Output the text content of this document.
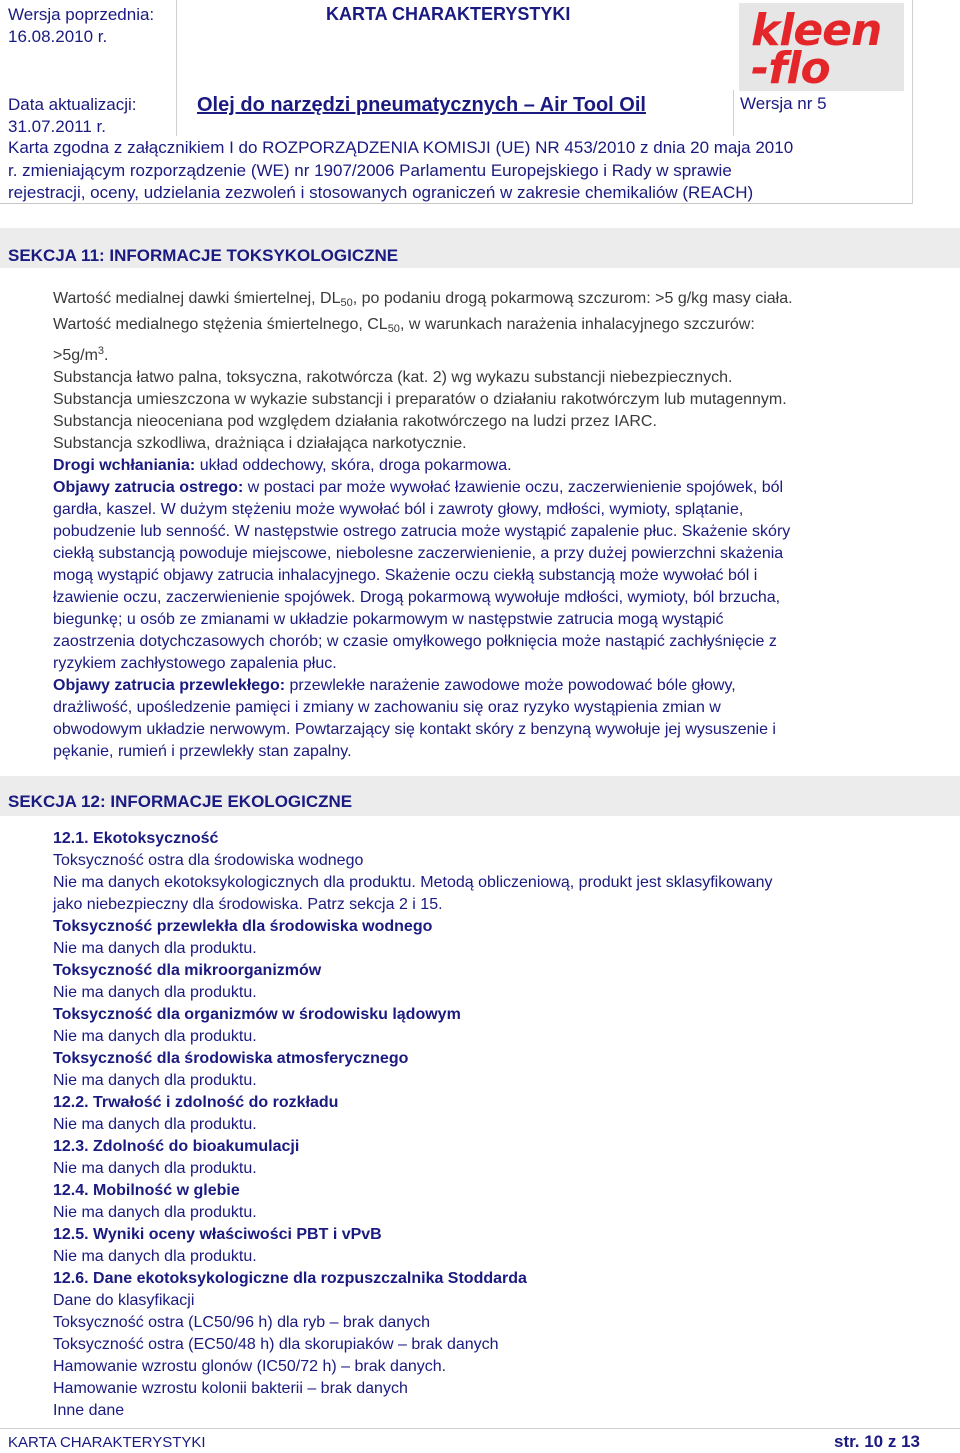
Wersja poprzednia:
16.08.2010 r.
Data aktualizacji:
31.07.2011 r.
KARTA CHARAKTERYSTYKI
Olej do narzędzi pneumatycznych – Air Tool Oil	Wersja nr 5
kleen
-flo
Karta zgodna z załącznikiem I do ROZPORZĄDZENIA KOMISJI (UE) NR 453/2010 z dnia 20 maja 2010
r. zmieniającym rozporządzenie (WE) nr 1907/2006 Parlamentu Europejskiego i Rady w sprawie
rejestracji, oceny, udzielania zezwoleń i stosowanych ograniczeń w zakresie chemikaliów (REACH)
SEKCJA 11: INFORMACJE TOKSYKOLOGICZNE
Wartość medialnej dawki śmiertelnej, $DL_{50}$, po podaniu drogą pokarmową szczurom: >5 g/kg masy ciała.
Wartość medialnego stężenia śmiertelnego, $CL_{50}$, w warunkach narażenia inhalacyjnego szczurów:
$>5g/m^3$.
Substancja łatwo palna, toksyczna, rakotwórcza (kat. 2) wg wykazu substancji niebezpiecznych.
Substancja umieszczona w wykazie substancji i preparatów o działaniu rakotwórczym lub mutagennym.
Substancja nieoceniana pod względem działania rakotwórczego na ludzi przez IARC.
Substancja szkodliwa, drażniąca i działająca narkotycznie.
Drogi wchłaniania: układ oddechowy, skóra, droga pokarmowa.
Objawy zatrucia ostrego: w postaci par może wywołać łzawienie oczu, zaczerwienienie spojówek, ból
gardła, kaszel. W dużym stężeniu może wywołać ból i zawroty głowy, mdłości, wymioty, splątanie,
pobudzenie lub senność. W następstwie ostrego zatrucia może wystąpić zapalenie płuc. Skażenie skóry
ciekłą substancją powoduje miejscowe, niebolesne zaczerwienienie, a przy dużej powierzchni skażenia
mogą wystąpić objawy zatrucia inhalacyjnego. Skażenie oczu ciekłą substancją może wywołać ból i
łzawienie oczu, zaczerwienienie spojówek. Drogą pokarmową wywołuje mdłości, wymioty, ból brzucha,
biegunkę; u osób ze zmianami w układzie pokarmowym w następstwie zatrucia mogą wystąpić
zaostrzenia dotychczasowych chorób; w czasie omyłkowego połknięcia może nastąpić zachłyśnięcie z
ryzykiem zachłystowego zapalenia płuc.
Objawy zatrucia przewlekłego: przewlekłe narażenie zawodowe może powodować bóle głowy,
drażliwość, upośledzenie pamięci i zmiany w zachowaniu się oraz ryzyko wystąpienia zmian w
obwodowym układzie nerwowym. Powtarzający się kontakt skóry z benzyną wywołuje jej wysuszenie i
pękanie, rumień i przewlekły stan zapalny.
SEKCJA 12: INFORMACJE EKOLOGICZNE
12.1. Ekotoksyczność
Toksyczność ostra dla środowiska wodnego
Nie ma danych ekotoksykologicznych dla produktu. Metodą obliczeniową, produkt jest sklasyfikowany
jako niebezpieczny dla środowiska. Patrz sekcja 2 i 15.
Toksyczność przewlekła dla środowiska wodnego
Nie ma danych dla produktu.
Toksyczność dla mikroorganizmów
Nie ma danych dla produktu.
Toksyczność dla organizmów w środowisku lądowym
Nie ma danych dla produktu.
Toksyczność dla środowiska atmosferycznego
Nie ma danych dla produktu.
12.2. Trwałość i zdolność do rozkładu
Nie ma danych dla produktu.
12.3. Zdolność do bioakumulacji
Nie ma danych dla produktu.
12.4. Mobilność w glebie
Nie ma danych dla produktu.
12.5. Wyniki oceny właściwości PBT i vPvB
Nie ma danych dla produktu.
12.6. Dane ekotoksykologiczne dla rozpuszczalnika Stoddarda
Dane do klasyfikacji
Toksyczność ostra (LC50/96 h) dla ryb – brak danych
Toksyczność ostra (EC50/48 h) dla skorupiaków – brak danych
Hamowanie wzrostu glonów (IC50/72 h) – brak danych.
Hamowanie wzrostu kolonii bakterii – brak danych
Inne dane
KARTA CHARAKTERYSTYKI	str. 10 z 13
